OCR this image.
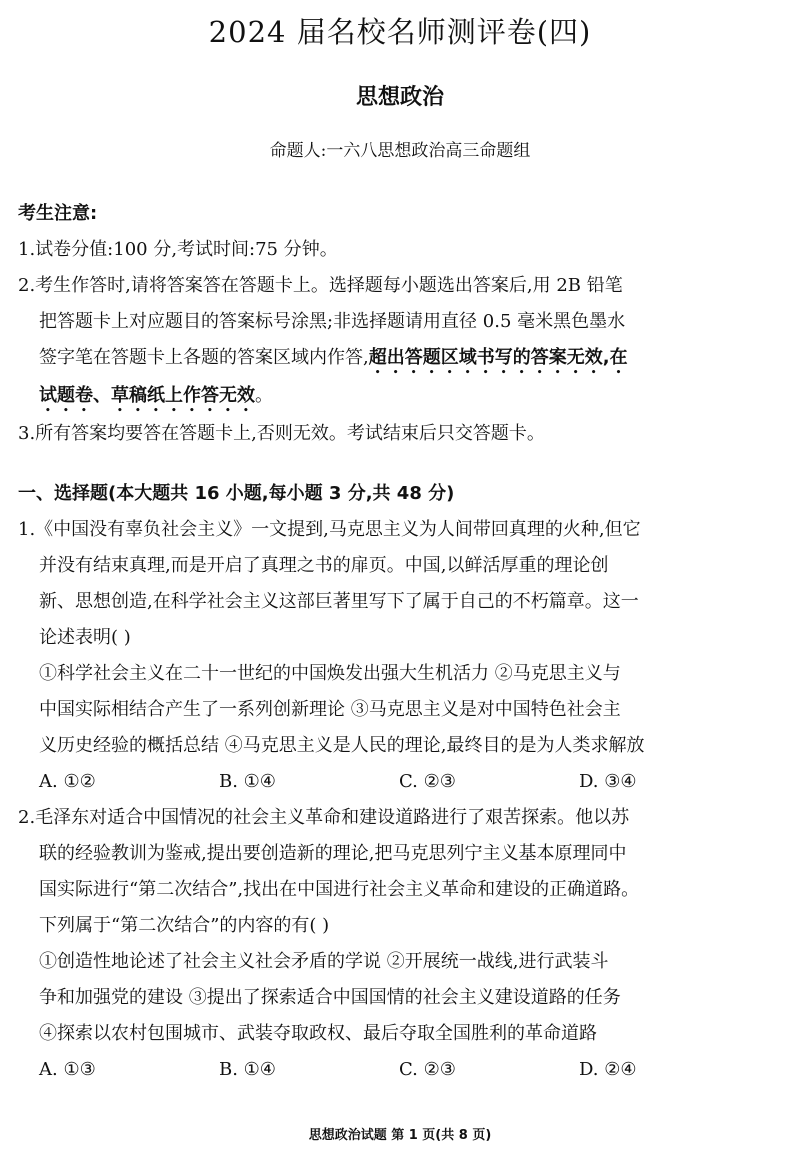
2024 届名校名师测评卷(四)
思想政治
命题人:一六八思想政治高三命题组

考生注意:

1.试卷分值:100 分,考试时间:75 分钟。

2.考生作答时,请将答案答在答题卡上。选择题每小题选出答案后,用 2B 铅笔

把答题卡上对应题目的答案标号涂黑;非选择题请用直径 0.5 毫米黑色墨水

签字笔在答题卡上各题的答案区域内作答,超出答题区域书写的答案无效,在

试题卷、草稿纸上作答无效。

3.所有答案均要答在答题卡上,否则无效。考试结束后只交答题卡。

一、选择题(本大题共 16 小题,每小题 3 分,共 48 分)

1.《中国没有辜负社会主义》一文提到,马克思主义为人间带回真理的火种,但它

并没有结束真理,而是开启了真理之书的扉页。中国,以鲜活厚重的理论创

新、思想创造,在科学社会主义这部巨著里写下了属于自己的不朽篇章。这一

论述表明( )

①科学社会主义在二十一世纪的中国焕发出强大生机活力 ②马克思主义与

中国实际相结合产生了一系列创新理论 ③马克思主义是对中国特色社会主

义历史经验的概括总结 ④马克思主义是人民的理论,最终目的是为人类求解放

A. ①②	B. ①④	C. ②③	D. ③④

2.毛泽东对适合中国情况的社会主义革命和建设道路进行了艰苦探索。他以苏

联的经验教训为鉴戒,提出要创造新的理论,把马克思列宁主义基本原理同中

国实际进行“第二次结合”,找出在中国进行社会主义革命和建设的正确道路。

下列属于“第二次结合”的内容的有( )

①创造性地论述了社会主义社会矛盾的学说 ②开展统一战线,进行武装斗

争和加强党的建设 ③提出了探索适合中国国情的社会主义建设道路的任务

④探索以农村包围城市、武装夺取政权、最后夺取全国胜利的革命道路

A. ①③	B. ①④	C. ②③	D. ②④
思想政治试题 第 1 页(共 8 页)
